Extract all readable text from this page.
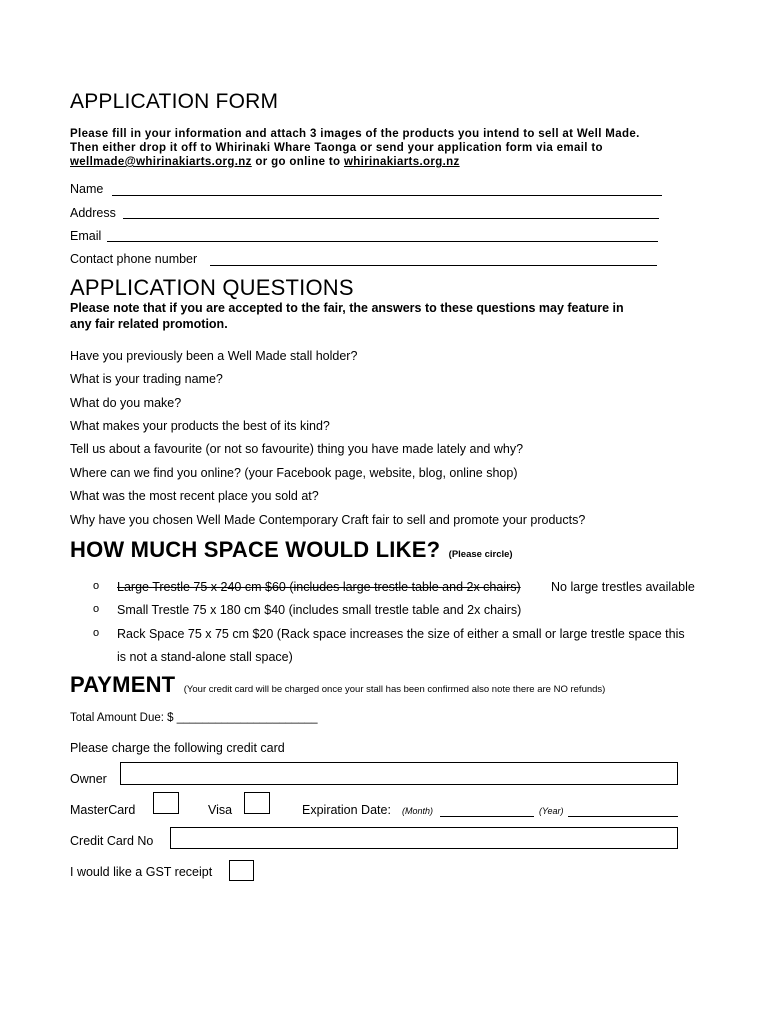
APPLICATION FORM
Please fill in your information and attach 3 images of the products you intend to sell at Well Made.
Then either drop it off to Whirinaki Whare Taonga or send your application form via email to
wellmade@whirinakiarts.org.nz or go online to whirinakiarts.org.nz
Name
Address
Email
Contact phone number
APPLICATION QUESTIONS
Please note that if you are accepted to the fair, the answers to these questions may feature in
any fair related promotion.
Have you previously been a Well Made stall holder?
What is your trading name?
What do you make?
What makes your products the best of its kind?
Tell us about a favourite (or not so favourite) thing you have made lately and why?
Where can we find you online? (your Facebook page, website, blog, online shop)
What was the most recent place you sold at?
Why have you chosen Well Made Contemporary Craft fair to sell and promote your products?
HOW MUCH SPACE WOULD LIKE? (Please circle)
o Large Trestle 75 x 240 cm $60 (includes large trestle table and 2x chairs) No large trestles available
o Small Trestle 75 x 180 cm $40 (includes small trestle table and 2x chairs)
o Rack Space 75 x 75 cm $20 (Rack space increases the size of either a small or large trestle space this
is not a stand-alone stall space)
PAYMENT (Your credit card will be charged once your stall has been confirmed also note there are NO refunds)
Total Amount Due: $ ______________________
Please charge the following credit card
Owner
MasterCard	Visa	Expiration Date: (Month)	(Year)
Credit Card No
I would like a GST receipt
